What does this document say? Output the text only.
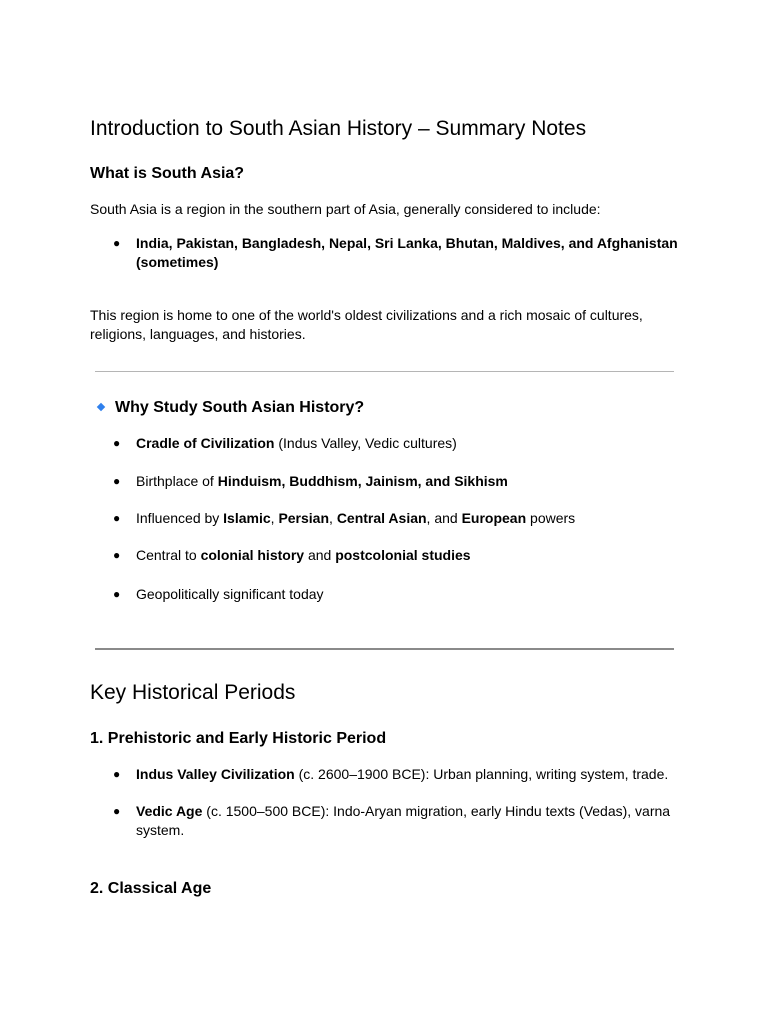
Introduction to South Asian History – Summary Notes
What is South Asia?

South Asia is a region in the southern part of Asia, generally considered to include:

● India, Pakistan, Bangladesh, Nepal, Sri Lanka, Bhutan, Maldives, and Afghanistan
(sometimes)

This region is home to one of the world's oldest civilizations and a rich mosaic of cultures,
religions, languages, and histories.

Why Study South Asian History?
● Cradle of Civilization (Indus Valley, Vedic cultures)
● Birthplace of Hinduism, Buddhism, Jainism, and Sikhism
● Influenced by Islamic, Persian, Central Asian, and European powers
● Central to colonial history and postcolonial studies
● Geopolitically significant today
Key Historical Periods
1. Prehistoric and Early Historic Period
● Indus Valley Civilization (c. 2600–1900 BCE): Urban planning, writing system, trade.
● Vedic Age (c. 1500–500 BCE): Indo-Aryan migration, early Hindu texts (Vedas), varna
system.
2. Classical Age
